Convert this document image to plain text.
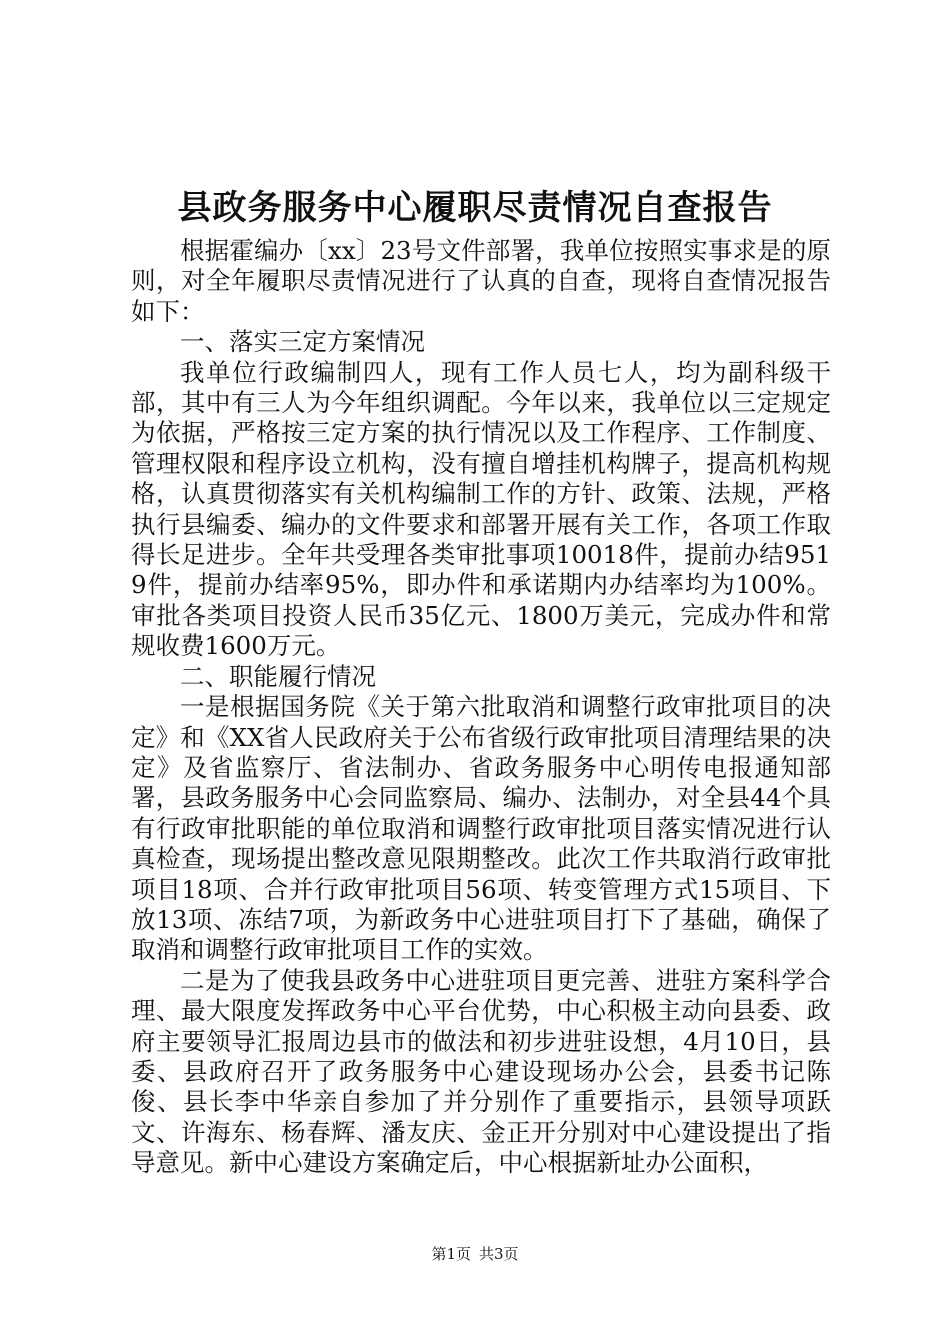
县政务服务中心履职尽责情况自查报告

根据霍编办〔xx〕23号文件部署，我单位按照实事求是的原则，对全年履职尽责情况进行了认真的自查，现将自查情况报告如下：

一、落实三定方案情况

我单位行政编制四人，现有工作人员七人，均为副科级干部，其中有三人为今年组织调配。今年以来，我单位以三定规定为依据，严格按三定方案的执行情况以及工作程序、工作制度、管理权限和程序设立机构，没有擅自增挂机构牌子，提高机构规格，认真贯彻落实有关机构编制工作的方针、政策、法规，严格执行县编委、编办的文件要求和部署开展有关工作，各项工作取得长足进步。全年共受理各类审批事项10018件，提前办结9519件，提前办结率95%，即办件和承诺期内办结率均为100%。审批各类项目投资人民币35亿元、1800万美元，完成办件和常规收费1600万元。

二、职能履行情况

一是根据国务院《关于第六批取消和调整行政审批项目的决定》和《XX省人民政府关于公布省级行政审批项目清理结果的决定》及省监察厅、省法制办、省政务服务中心明传电报通知部署，县政务服务中心会同监察局、编办、法制办，对全县44个具有行政审批职能的单位取消和调整行政审批项目落实情况进行认真检查，现场提出整改意见限期整改。此次工作共取消行政审批项目18项、合并行政审批项目56项、转变管理方式15项目、下放13项、冻结7项，为新政务中心进驻项目打下了基础，确保了取消和调整行政审批项目工作的实效。

二是为了使我县政务中心进驻项目更完善、进驻方案科学合理、最大限度发挥政务中心平台优势，中心积极主动向县委、政府主要领导汇报周边县市的做法和初步进驻设想，4月10日，县委、县政府召开了政务服务中心建设现场办公会，县委书记陈俊、县长李中华亲自参加了并分别作了重要指示，县领导项跃文、许海东、杨春辉、潘友庆、金正开分别对中心建设提出了指导意见。新中心建设方案确定后，中心根据新址办公面积，

第1页 共3页
